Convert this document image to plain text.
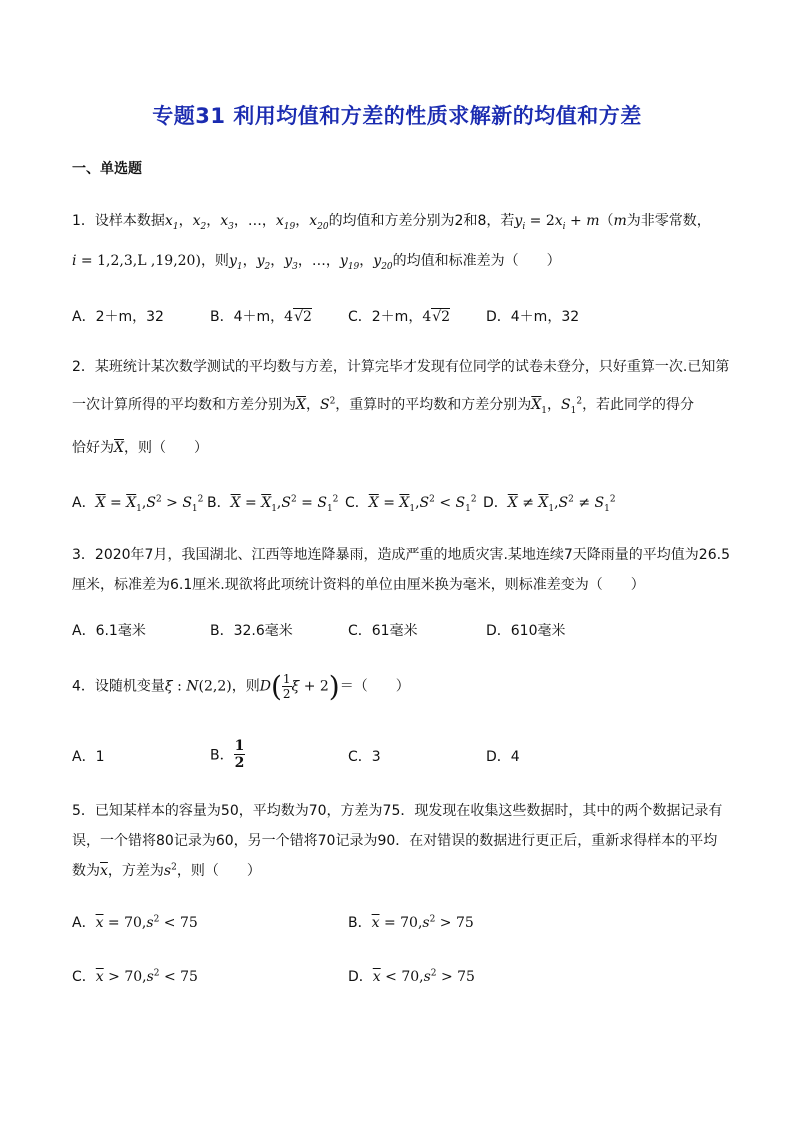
专题31 利用均值和方差的性质求解新的均值和方差
一、单选题
1．设样本数据$x_1$，$x_2$，$x_3$，…，$x_{19}$，$x_{20}$的均值和方差分别为2和8，若$y_i = 2x_i + m(m$为非零常数，
i = 1,2,3,L ,19,20)，则$y_1$，$y_2$，$y_3$，…，$y_{19}$，$y_{20}$的均值和标准差为（　　）
A．2＋m，32	B．4＋m，4√2	C．2＋m，4√2	D．4＋m，32
2．某班统计某次数学测试的平均数与方差，计算完毕才发现有位同学的试卷未登分，只好重算一次.已知第
一次计算所得的平均数和方差分别为$\overline{X}$，$S^2$，重算时的平均数和方差分别为$\overline{X}_1$，$S_1^2$，若此同学的得分
恰好为$\overline{X}$，则（　　）
A．$\overline{X} = \overline{X}_1,S^2 > S_1^2$ B．$\overline{X} = \overline{X}_1,S^2 = S_1^2$ C．$\overline{X} = \overline{X}_1,S^2 < S_1^2$ D．$\overline{X} \ne \overline{X}_1,S^2 \ne S_1^2$
3．2020年7月，我国湖北、江西等地连降暴雨，造成严重的地质灾害.某地连续7天降雨量的平均值为26.5
厘米，标准差为6.1厘米.现欲将此项统计资料的单位由厘米换为毫米，则标准差变为（　　）
A．6.1毫米	B．32.6毫米	C．61毫米	D．610毫米
4．设随机变量ξ : N(2,2)，则$D( \frac{1}{2}$ ξ + 2)＝（　　）
A．1	B． $\frac{1}{2}$	C．3	D．4
5．已知某样本的容量为50，平均数为70，方差为75．现发现在收集这些数据时，其中的两个数据记录有
误，一个错将80记录为60，另一个错将70记录为90．在对错误的数据进行更正后，重新求得样本的平均
数为$\overline{x}$，方差为$s^2$，则（　　）
A．$\overline{x} = 70,s^2 < 75$	B．$\overline{x} = 70,s^2 > 75$
C．$\overline{x} > 70,s^2 < 75$	D．$\overline{x} < 70,s^2 > 75$
